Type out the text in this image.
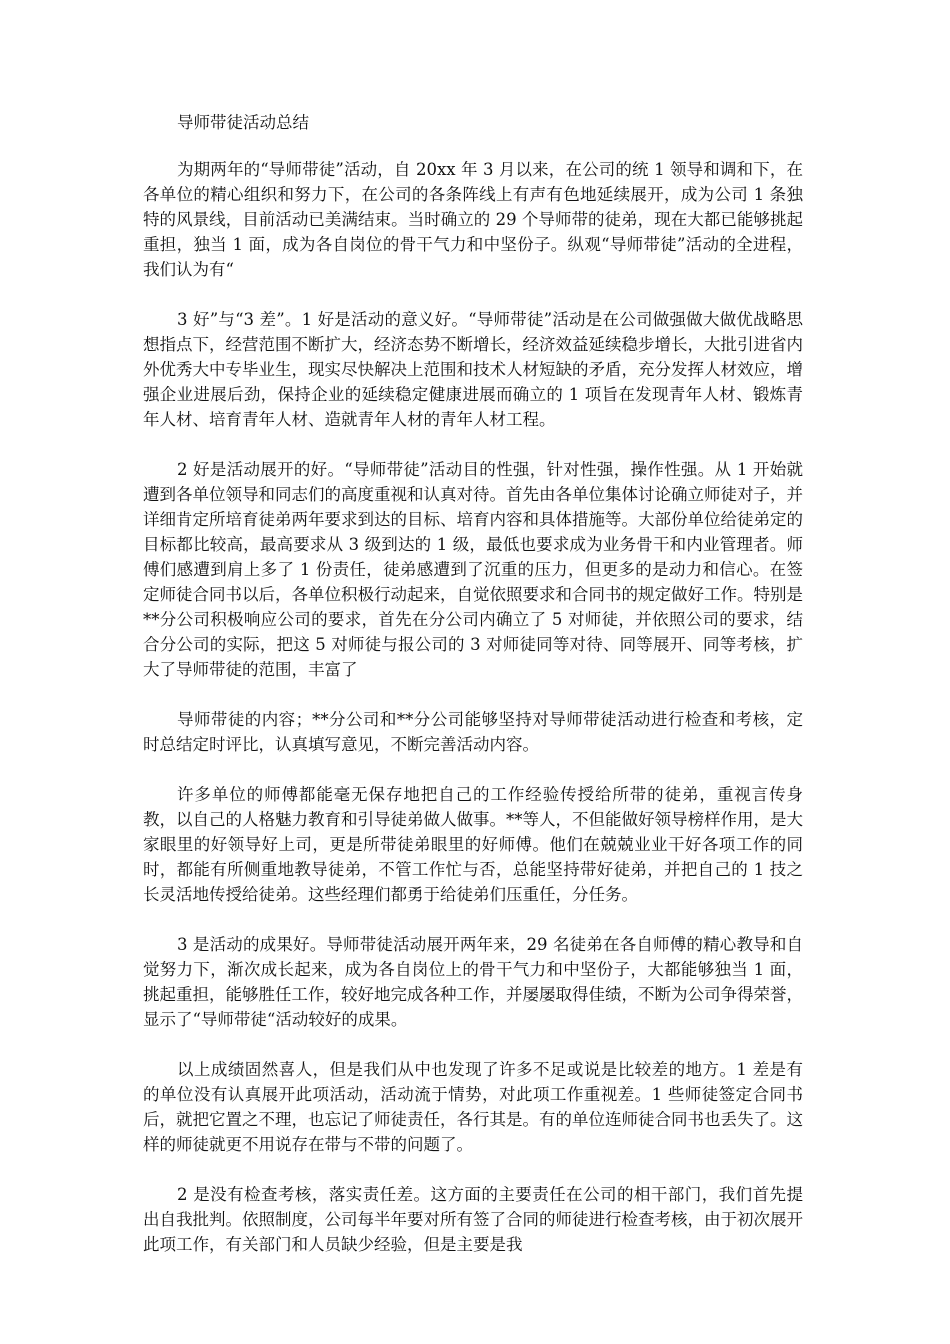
导师带徒活动总结

为期两年的“导师带徒”活动，自 20xx 年 3 月以来，在公司的统 1 领导和调和下，在各单位的精心组织和努力下，在公司的各条阵线上有声有色地延续展开，成为公司 1 条独特的风景线，目前活动已美满结束。当时确立的 29 个导师带的徒弟，现在大都已能够挑起重担，独当 1 面，成为各自岗位的骨干气力和中坚份子。纵观“导师带徒”活动的全进程，我们认为有“

3 好”与“3 差”。1 好是活动的意义好。“导师带徒”活动是在公司做强做大做优战略思想指点下，经营范围不断扩大，经济态势不断增长，经济效益延续稳步增长，大批引进省内外优秀大中专毕业生，现实尽快解决上范围和技术人材短缺的矛盾，充分发挥人材效应，增强企业进展后劲，保持企业的延续稳定健康进展而确立的 1 项旨在发现青年人材、锻炼青年人材、培育青年人材、造就青年人材的青年人材工程。

2 好是活动展开的好。“导师带徒”活动目的性强，针对性强，操作性强。从 1 开始就遭到各单位领导和同志们的高度重视和认真对待。首先由各单位集体讨论确立师徒对子，并详细肯定所培育徒弟两年要求到达的目标、培育内容和具体措施等。大部份单位给徒弟定的目标都比较高，最高要求从 3 级到达的 1 级，最低也要求成为业务骨干和内业管理者。师傅们感遭到肩上多了 1 份责任，徒弟感遭到了沉重的压力，但更多的是动力和信心。在签定师徒合同书以后，各单位积极行动起来，自觉依照要求和合同书的规定做好工作。特别是**分公司积极响应公司的要求，首先在分公司内确立了 5 对师徒，并依照公司的要求，结合分公司的实际，把这 5 对师徒与报公司的 3 对师徒同等对待、同等展开、同等考核，扩大了导师带徒的范围，丰富了

导师带徒的内容；**分公司和**分公司能够坚持对导师带徒活动进行检查和考核，定时总结定时评比，认真填写意见，不断完善活动内容。

许多单位的师傅都能毫无保存地把自己的工作经验传授给所带的徒弟，重视言传身教，以自己的人格魅力教育和引导徒弟做人做事。**等人，不但能做好领导榜样作用，是大家眼里的好领导好上司，更是所带徒弟眼里的好师傅。他们在兢兢业业干好各项工作的同时，都能有所侧重地教导徒弟，不管工作忙与否，总能坚持带好徒弟，并把自己的 1 技之长灵活地传授给徒弟。这些经理们都勇于给徒弟们压重任，分任务。

3 是活动的成果好。导师带徒活动展开两年来，29 名徒弟在各自师傅的精心教导和自觉努力下，渐次成长起来，成为各自岗位上的骨干气力和中坚份子，大都能够独当 1 面，挑起重担，能够胜任工作，较好地完成各种工作，并屡屡取得佳绩，不断为公司争得荣誉，显示了“导师带徒“活动较好的成果。

以上成绩固然喜人，但是我们从中也发现了许多不足或说是比较差的地方。1 差是有的单位没有认真展开此项活动，活动流于情势，对此项工作重视差。1 些师徒签定合同书后，就把它置之不理，也忘记了师徒责任，各行其是。有的单位连师徒合同书也丢失了。这样的师徒就更不用说存在带与不带的问题了。

2 是没有检查考核，落实责任差。这方面的主要责任在公司的相干部门，我们首先提出自我批判。依照制度，公司每半年要对所有签了合同的师徒进行检查考核，由于初次展开此项工作，有关部门和人员缺少经验，但是主要是我
